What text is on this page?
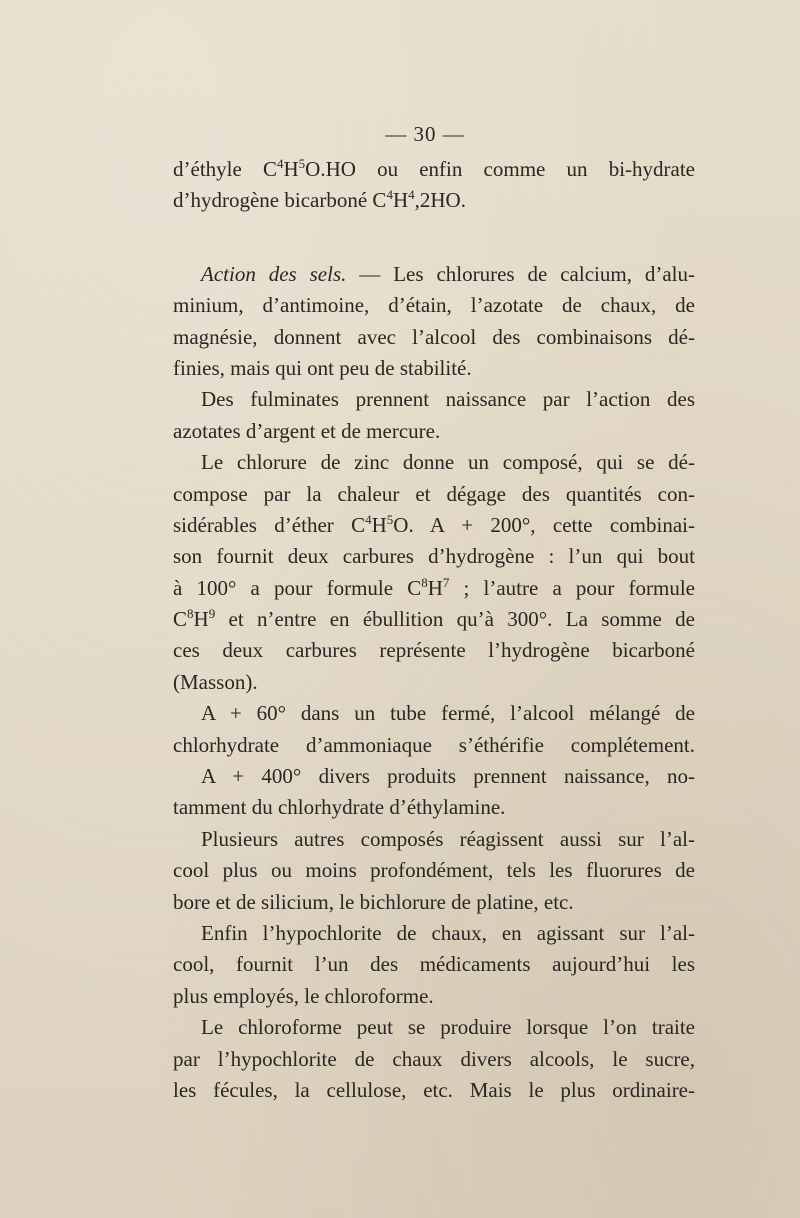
— 30 —
d’éthyle $C^4H^5O.HO$ ou enfin comme un bi-hydrate
d’hydrogène bicarboné $C^4H^4,2HO$.
Action des sels. — Les chlorures de calcium, d’alu-
minium, d’antimoine, d’étain, l’azotate de chaux, de
magnésie, donnent avec l’alcool des combinaisons dé-
finies, mais qui ont peu de stabilité.
Des fulminates prennent naissance par l’action des
azotates d’argent et de mercure.
Le chlorure de zinc donne un composé, qui se dé-
compose par la chaleur et dégage des quantités con-
sidérables d’éther $C^4H^5O$. A + 200°, cette combinai-
son fournit deux carbures d’hydrogène : l’un qui bout
à 100° a pour formule $C^8H^7$ ; l’autre a pour formule
$C^8H^9$ et n’entre en ébullition qu’à 300°. La somme de
ces deux carbures représente l’hydrogène bicarboné
(Masson).
A + 60° dans un tube fermé, l’alcool mélangé de
chlorhydrate d’ammoniaque s’éthérifie complétement.
A + 400° divers produits prennent naissance, no-
tamment du chlorhydrate d’éthylamine.
Plusieurs autres composés réagissent aussi sur l’al-
cool plus ou moins profondément, tels les fluorures de
bore et de silicium, le bichlorure de platine, etc.
Enfin l’hypochlorite de chaux, en agissant sur l’al-
cool, fournit l’un des médicaments aujourd’hui les
plus employés, le chloroforme.
Le chloroforme peut se produire lorsque l’on traite
par l’hypochlorite de chaux divers alcools, le sucre,
les fécules, la cellulose, etc. Mais le plus ordinaire-
